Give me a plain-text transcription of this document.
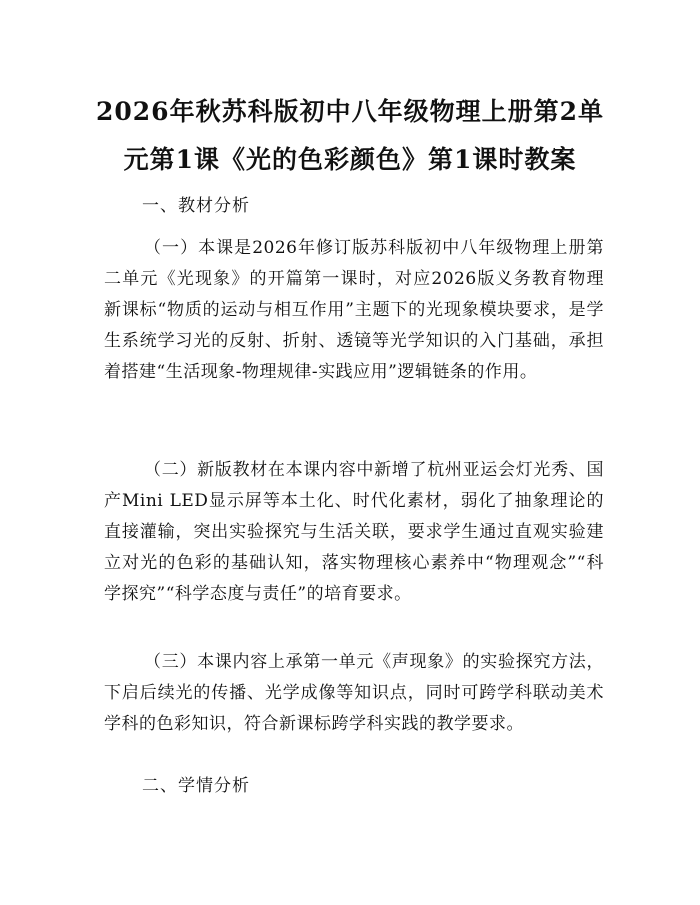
2026年秋苏科版初中八年级物理上册第2单元第1课《光的色彩颜色》第1课时教案
一、教材分析

（一）本课是2026年修订版苏科版初中八年级物理上册第二单元《光现象》的开篇第一课时，对应2026版义务教育物理新课标“物质的运动与相互作用”主题下的光现象模块要求，是学生系统学习光的反射、折射、透镜等光学知识的入门基础，承担着搭建“生活现象-物理规律-实践应用”逻辑链条的作用。

（二）新版教材在本课内容中新增了杭州亚运会灯光秀、国产Mini LED显示屏等本土化、时代化素材，弱化了抽象理论的直接灌输，突出实验探究与生活关联，要求学生通过直观实验建立对光的色彩的基础认知，落实物理核心素养中“物理观念”“科学探究”“科学态度与责任”的培育要求。

（三）本课内容上承第一单元《声现象》的实验探究方法，下启后续光的传播、光学成像等知识点，同时可跨学科联动美术学科的色彩知识，符合新课标跨学科实践的教学要求。

二、学情分析
